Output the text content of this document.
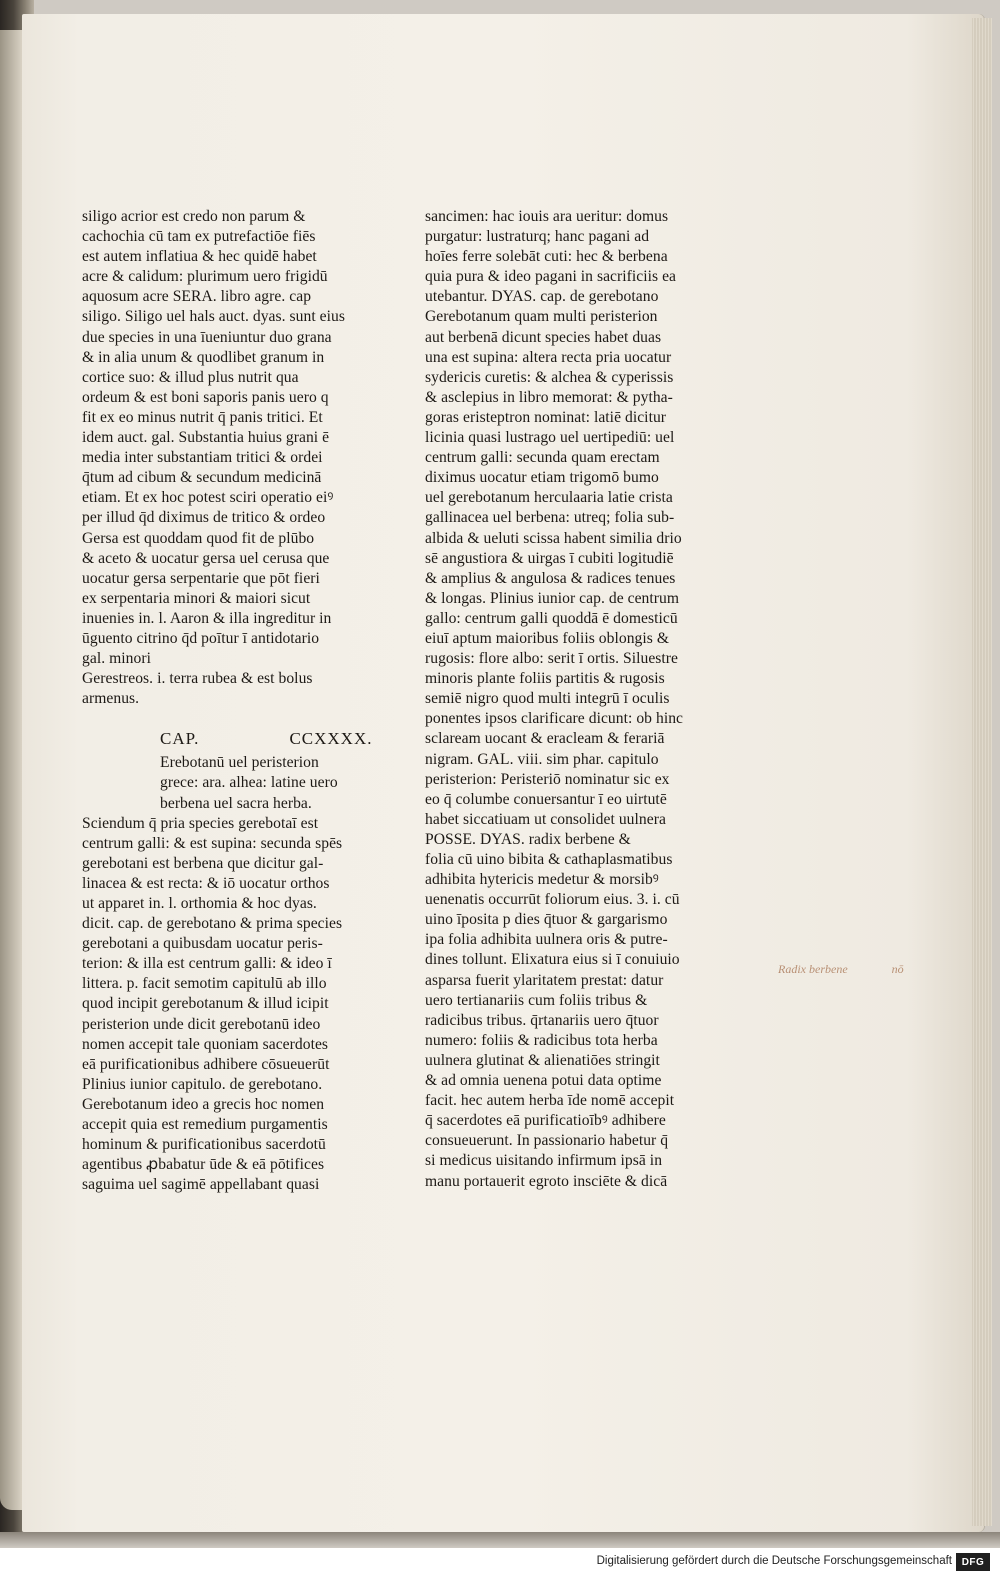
siligo acrior est credo non parum &
cachochia cū tam ex putrefactiōe fiēs
est autem inflatiua & hec quidē habet
acre & calidum: plurimum uero frigidū
aquosum acre SERA. libro agre. cap
siligo. Siligo uel hals auct. dyas. sunt eius
due species in una īueniuntur duo grana
& in alia unum & quodlibet granum in
cortice suo: & illud plus nutrit qua
ordeum & est boni saporis panis uero q
fit ex eo minus nutrit q̄ panis tritici. Et
idem auct. gal. Substantia huius grani ē
media inter substantiam tritici & ordei
q̄tum ad cibum & secundum medicinā
etiam. Et ex hoc potest sciri operatio eiꝰ
per illud q̄d diximus de tritico & ordeo
Gersa est quoddam quod fit de plūbo
& aceto & uocatur gersa uel cerusa que
uocatur gersa serpentarie que pōt fieri
ex serpentaria minori & maiori sicut
inuenies in. l. Aaron & illa ingreditur in
ūguento citrino q̄d poītur ī antidotario
gal. minori
Gerestreos. i. terra rubea & est bolus
armenus.
CAP.	CCXXXX.
Erebotanū uel peristerion
grece: ara. alhea: latine uero
berbena uel sacra herba.
Sciendum q̄ pria species gerebotaī est
centrum galli: & est supina: secunda spēs
gerebotani est berbena que dicitur gal-
linacea & est recta: & iō uocatur orthos
ut apparet in. l. orthomia & hoc dyas.
dicit. cap. de gerebotano & prima species
gerebotani a quibusdam uocatur peris-
terion: & illa est centrum galli: & ideo ī
littera. p. facit semotim capitulū ab illo
quod incipit gerebotanum & illud icipit
peristerion unde dicit gerebotanū ideo
nomen accepit tale quoniam sacerdotes
eā purificationibus adhibere cōsueuerūt
Plinius iunior capitulo. de gerebotano.
Gerebotanum ideo a grecis hoc nomen
accepit quia est remedium purgamentis
hominum & purificationibus sacerdotū
agentibus ꝓbabatur ūde & eā pōtifices
saguima uel sagimē appellabant quasi
sancimen: hac iouis ara ueritur: domus
purgatur: lustraturq; hanc pagani ad
hoīes ferre solebāt cuti: hec & berbena
quia pura & ideo pagani in sacrificiis ea
utebantur. DYAS. cap. de gerebotano
Gerebotanum quam multi peristerion
aut berbenā dicunt species habet duas
una est supina: altera recta pria uocatur
sydericis curetis: & alchea & cyperissis
& asclepius in libro memorat: & pytha-
goras eristeptron nominat: latiē dicitur
licinia quasi lustrago uel uertipediū: uel
centrum galli: secunda quam erectam
diximus uocatur etiam trigomō bumo
uel gerebotanum herculaaria latie crista
gallinacea uel berbena: utreq; folia sub-
albida & ueluti scissa habent similia drio
sē angustiora & uirgas ī cubiti logitudiē
& amplius & angulosa & radices tenues
& longas. Plinius iunior cap. de centrum
gallo: centrum galli quoddā ē domesticū
eiuī aptum maioribus foliis oblongis &
rugosis: flore albo: serit ī ortis. Siluestre
minoris plante foliis partitis & rugosis
semiē nigro quod multi integrū ī oculis
ponentes ipsos clarificare dicunt: ob hinc
sclaream uocant & eracleam & ferariā
nigram. GAL. viii. sim phar. capitulo
peristerion: Peristeriō nominatur sic ex
eo q̄ columbe conuersantur ī eo uirtutē
habet siccatiuam ut consolidet uulnera
POSSE. DYAS. radix berbene &
folia cū uino bibita & cathaplasmatibus
adhibita hytericis medetur & morsibꝰ
uenenatis occurrūt foliorum eius. 3. i. cū
uino īposita p dies q̄tuor & gargarismo
ipa folia adhibita uulnera oris & putre-
dines tollunt. Elixatura eius si ī conuiuio
asparsa fuerit ylaritatem prestat: datur
uero tertianariis cum foliis tribus &
radicibus tribus. q̄rtanariis uero q̄tuor
numero: foliis & radicibus tota herba
uulnera glutinat & alienatiōes stringit
& ad omnia uenena potui data optime
facit. hec autem herba īde nomē accepit
q̄ sacerdotes eā purificatioībꝰ adhibere
consueuerunt. In passionario habetur q̄
si medicus uisitando infirmum ipsā in
manu portauerit egroto insciēte & dicā
Radix berbene	nō
Digitalisierung gefördert durch die Deutsche Forschungsgemeinschaft DFG
